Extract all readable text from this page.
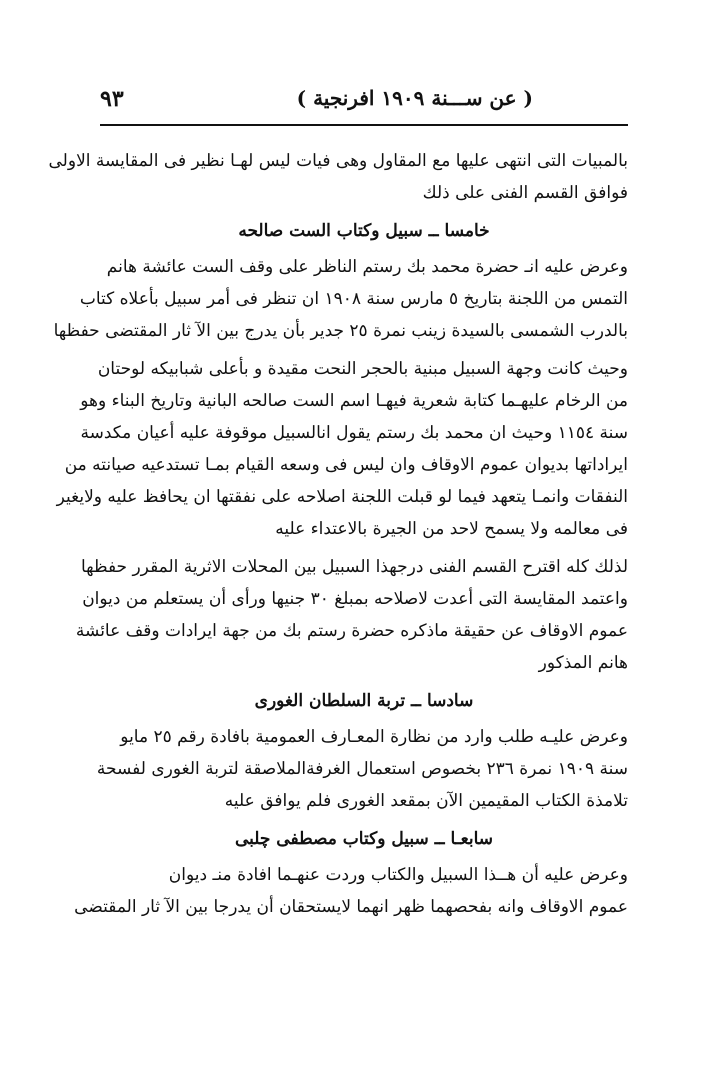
٩٣	( عن ســـنة ١٩٠٩ افرنجية )

بالمبيات التى انتهى عليها مع المقاول وهى فيات ليس لهـا نظير فى المقايسة الاولى
فوافق القسم الفنى على ذلك

خامسا ــ سبيل وكتاب الست صالحه

وعرض عليه انـ حضرة محمد بك رستم الناظر على وقف الست عائشة هانم
التمس من اللجنة بتاريخ ٥ مارس سنة ١٩٠٨ ان تنظر فى أمر سبيل بأعلاه كتاب
بالدرب الشمسى بالسيدة زينب نمرة ٢٥ جدير بأن يدرج بين الآ ثار المقتضى حفظها

وحيث كانت وجهة السبيل مبنية بالحجر النحت مقيدة و بأعلى شبابيكه لوحتان
من الرخام عليهـما كتابة شعرية فيهـا اسم الست صالحه البانية وتاريخ البناء وهو
سنة ١١٥٤ وحيث ان محمد بك رستم يقول انالسبيل موقوفة عليه أعيان مكدسة
ايراداتها بديوان عموم الاوقاف وان ليس فى وسعه القيام بمـا تستدعيه صيانته من
النفقات وانمـا يتعهد فيما لو قبلت اللجنة اصلاحه على نفقتها ان يحافظ عليه ولايغير
فى معالمه ولا يسمح لاحد من الجيرة بالاعتداء عليه

لذلك كله اقترح القسم الفنى درجهذا السبيل بين المحلات الاثرية المقرر حفظها
واعتمد المقايسة التى أعدت لاصلاحه بمبلغ ٣٠ جنيها ورأى أن يستعلم من ديوان
عموم الاوقاف عن حقيقة ماذكره حضرة رستم بك من جهة ايرادات وقف عائشة
هانم المذكور

سادسا ــ تربة السلطان الغورى

وعرض عليـه طلب وارد من نظارة المعـارف العمومية بافادة رقم ٢٥ مايو
سنة ١٩٠٩ نمرة ٢٣٦ بخصوص استعمال الغرفةالملاصقة لتربة الغورى لفسحة
تلامذة الكتاب المقيمين الآن بمقعد الغورى فلم يوافق عليه

سابعـا ــ سبيل وكتاب مصطفى چلبى

وعرض عليه أن هــذا السبيل والكتاب وردت عنهـما افادة منـ ديوان
عموم الاوقاف وانه بفحصهما ظهر انهما لايستحقان أن يدرجا بين الآ ثار المقتضى
